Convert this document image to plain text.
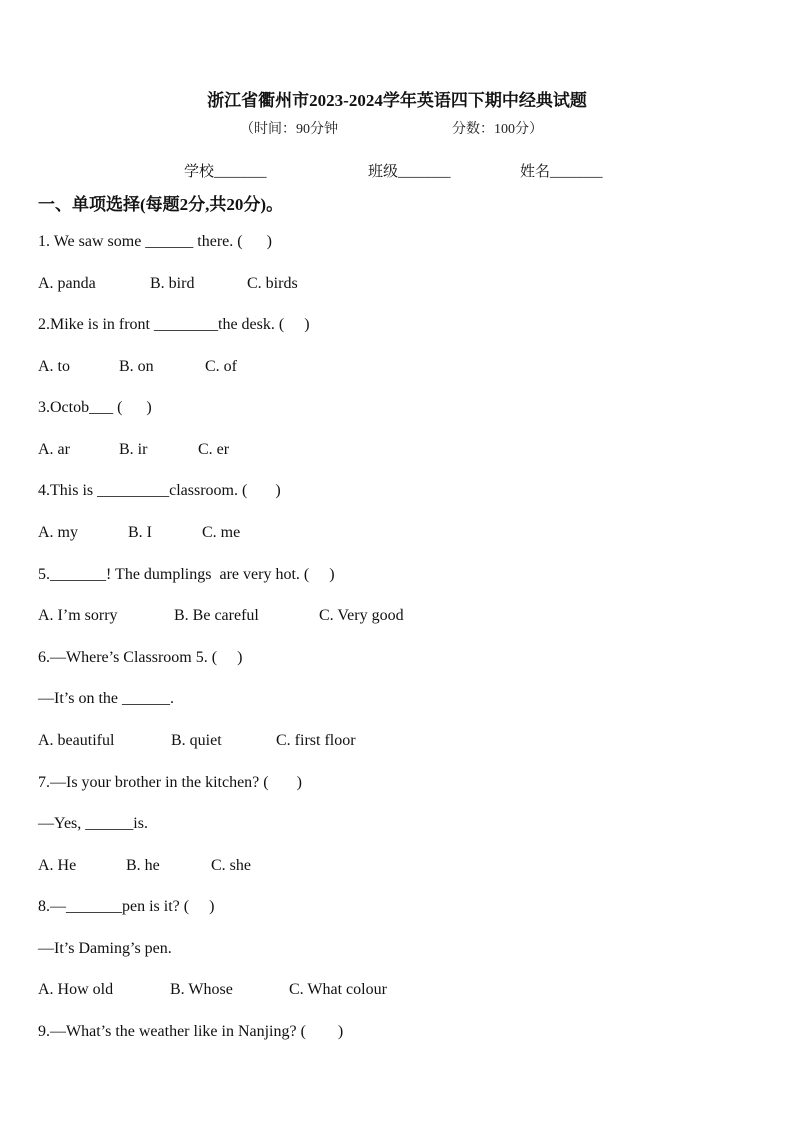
浙江省衢州市2023-2024学年英语四下期中经典试题
（时间：90分钟	分数：100分）
学校_______	班级_______	姓名_______
一、单项选择(每题2分,共20分)。
1. We saw some ______ there. (      )
A. panda	B. bird	C. birds
2.Mike is in front ________the desk. (     )
A. to	B. on	C. of
3.Octob___ (      )
A. ar	B. ir	C. er
4.This is _________classroom. (       )
A. my	B. I	C. me
5._______! The dumplings  are very hot. (     )
A. I’m sorry	B. Be careful	C. Very good
6.—Where’s Classroom 5. (     )
—It’s on the ______.
A. beautiful	B. quiet	C. first floor
7.—Is your brother in the kitchen? (       )
—Yes, ______is.
A. He	B. he	C. she
8.—_______pen is it? (     )
—It’s Daming’s pen.
A. How old	B. Whose	C. What colour
9.—What’s the weather like in Nanjing? (        )
